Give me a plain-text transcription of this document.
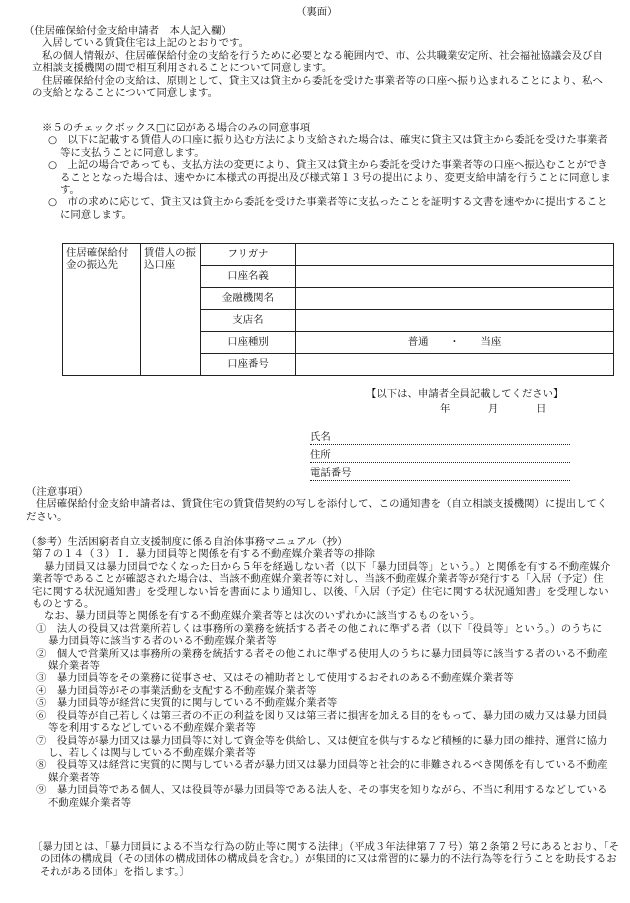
（裏面）

（住居確保給付金支給申請者　本人記入欄）

入居している賃貸住宅は上記のとおりです。

私の個人情報が、住居確保給付金の支給を行うために必要となる範囲内で、市、公共職業安定所、社会福祉協議会及び自立相談支援機関の間で相互利用されることについて同意します。

住居確保給付金の支給は、原則として、貸主又は貸主から委託を受けた事業者等の口座へ振り込まれることにより、私への支給となることについて同意します。

※５のチェックボックス□に☑がある場合のみの同意事項

○　以下に記載する賃借人の口座に振り込む方法により支給された場合は、確実に貸主又は貸主から委託を受けた事業者等に支払うことに同意します。

○　上記の場合であっても、支払方法の変更により、貸主又は貸主から委託を受けた事業者等の口座へ振込むことができることとなった場合は、速やかに本様式の再提出及び様式第１３号の提出により、変更支給申請を行うことに同意します。

○　市の求めに応じて、貸主又は貸主から委託を受けた事業者等に支払ったことを証明する文書を速やかに提出することに同意します。

住居確保給付金の振込先	賃借人の振込口座	フリガナ	
		口座名義	
		金融機関名	
		支店名	
		口座種別	普通　　・　　当座
		口座番号	
【以下は、申請者全員記載してください】
年	月	日
氏名
住所
電話番号

（注意事項）

住居確保給付金支給申請者は、賃貸住宅の賃貸借契約の写しを添付して、この通知書を（自立相談支援機関）に提出してください。

（参考）生活困窮者自立支援制度に係る自治体事務マニュアル（抄）

第７の１４（３）Ｉ．暴力団員等と関係を有する不動産媒介業者等の排除

暴力団員又は暴力団員でなくなった日から５年を経過しない者（以下「暴力団員等」という。）と関係を有する不動産媒介業者等であることが確認された場合は、当該不動産媒介業者等に対し、当該不動産媒介業者等が発行する「入居（予定）住宅に関する状況通知書」を受理しない旨を書面により通知し、以後、「入居（予定）住宅に関する状況通知書」を受理しないものとする。

なお、暴力団員等と関係を有する不動産媒介業者等とは次のいずれかに該当するものをいう。

①　法人の役員又は営業所若しくは事務所の業務を統括する者その他これに準ずる者（以下「役員等」という。）のうちに暴力団員等に該当する者のいる不動産媒介業者等

②　個人で営業所又は事務所の業務を統括する者その他これに準ずる使用人のうちに暴力団員等に該当する者のいる不動産媒介業者等

③　暴力団員等をその業務に従事させ、又はその補助者として使用するおそれのある不動産媒介業者等

④　暴力団員等がその事業活動を支配する不動産媒介業者等

⑤　暴力団員等が経営に実質的に関与している不動産媒介業者等

⑥　役員等が自己若しくは第三者の不正の利益を図り又は第三者に損害を加える目的をもって、暴力団の威力又は暴力団員等を利用するなどしている不動産媒介業者等

⑦　役員等が暴力団又は暴力団員等に対して資金等を供給し、又は便宜を供与するなど積極的に暴力団の維持、運営に協力し、若しくは関与している不動産媒介業者等

⑧　役員等又は経営に実質的に関与している者が暴力団又は暴力団員等と社会的に非難されるべき関係を有している不動産媒介業者等

⑨　暴力団員等である個人、又は役員等が暴力団員等である法人を、その事実を知りながら、不当に利用するなどしている不動産媒介業者等

〔暴力団とは、「暴力団員による不当な行為の防止等に関する法律」（平成３年法律第７７号）第２条第２号にあるとおり、「その団体の構成員（その団体の構成団体の構成員を含む。）が集団的に又は常習的に暴力的不法行為等を行うことを助長するおそれがある団体」を指します。〕
